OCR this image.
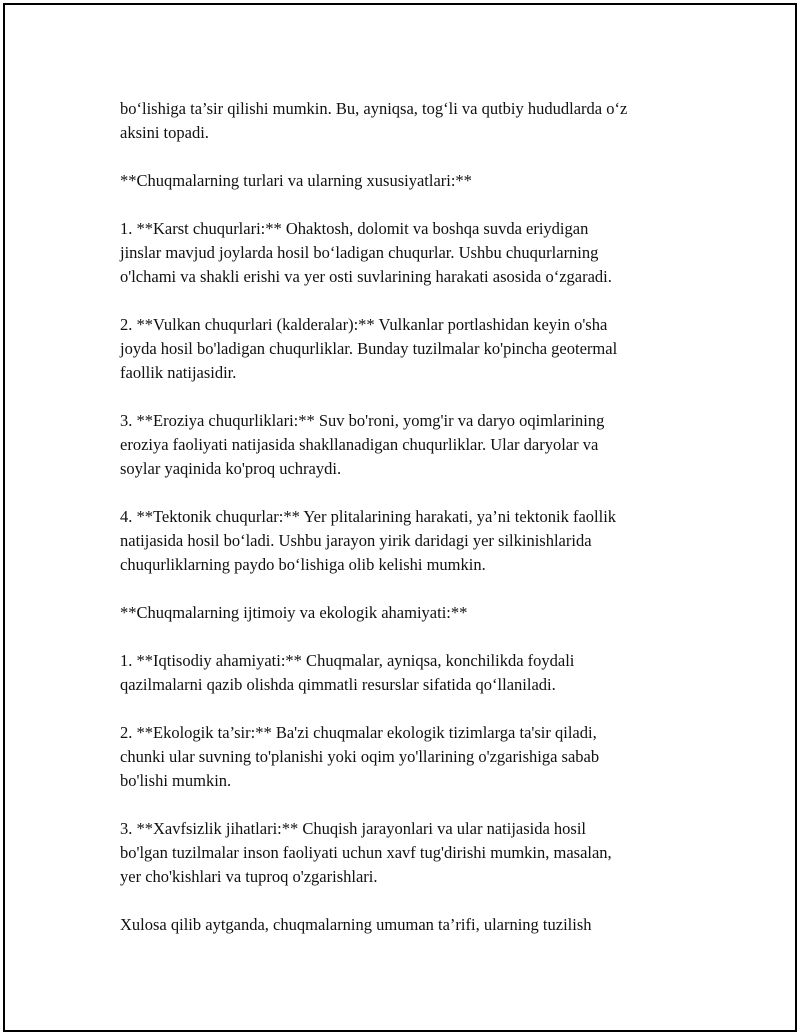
bo‘lishiga ta’sir qilishi mumkin. Bu, ayniqsa, tog‘li va qutbiy hududlarda o‘z
aksini topadi.

**Chuqmalarning turlari va ularning xususiyatlari:**

1. **Karst chuqurlari:** Ohaktosh, dolomit va boshqa suvda eriydigan
jinslar mavjud joylarda hosil bo‘ladigan chuqurlar. Ushbu chuqurlarning
o'lchami va shakli erishi va yer osti suvlarining harakati asosida o‘zgaradi.

2. **Vulkan chuqurlari (kalderalar):** Vulkanlar portlashidan keyin o'sha
joyda hosil bo'ladigan chuqurliklar. Bunday tuzilmalar ko'pincha geotermal
faollik natijasidir.

3. **Eroziya chuqurliklari:** Suv bo'roni, yomg'ir va daryo oqimlarining
eroziya faoliyati natijasida shakllanadigan chuqurliklar. Ular daryolar va
soylar yaqinida ko'proq uchraydi.

4. **Tektonik chuqurlar:** Yer plitalarining harakati, ya’ni tektonik faollik
natijasida hosil bo‘ladi. Ushbu jarayon yirik daridagi yer silkinishlarida
chuqurliklarning paydo bo‘lishiga olib kelishi mumkin.

**Chuqmalarning ijtimoiy va ekologik ahamiyati:**

1. **Iqtisodiy ahamiyati:** Chuqmalar, ayniqsa, konchilikda foydali
qazilmalarni qazib olishda qimmatli resurslar sifatida qo‘llaniladi.

2. **Ekologik ta’sir:** Ba'zi chuqmalar ekologik tizimlarga ta'sir qiladi,
chunki ular suvning to'planishi yoki oqim yo'llarining o'zgarishiga sabab
bo'lishi mumkin.

3. **Xavfsizlik jihatlari:** Chuqish jarayonlari va ular natijasida hosil
bo'lgan tuzilmalar inson faoliyati uchun xavf tug'dirishi mumkin, masalan,
yer cho'kishlari va tuproq o'zgarishlari.

Xulosa qilib aytganda, chuqmalarning umuman ta’rifi, ularning tuzilish
